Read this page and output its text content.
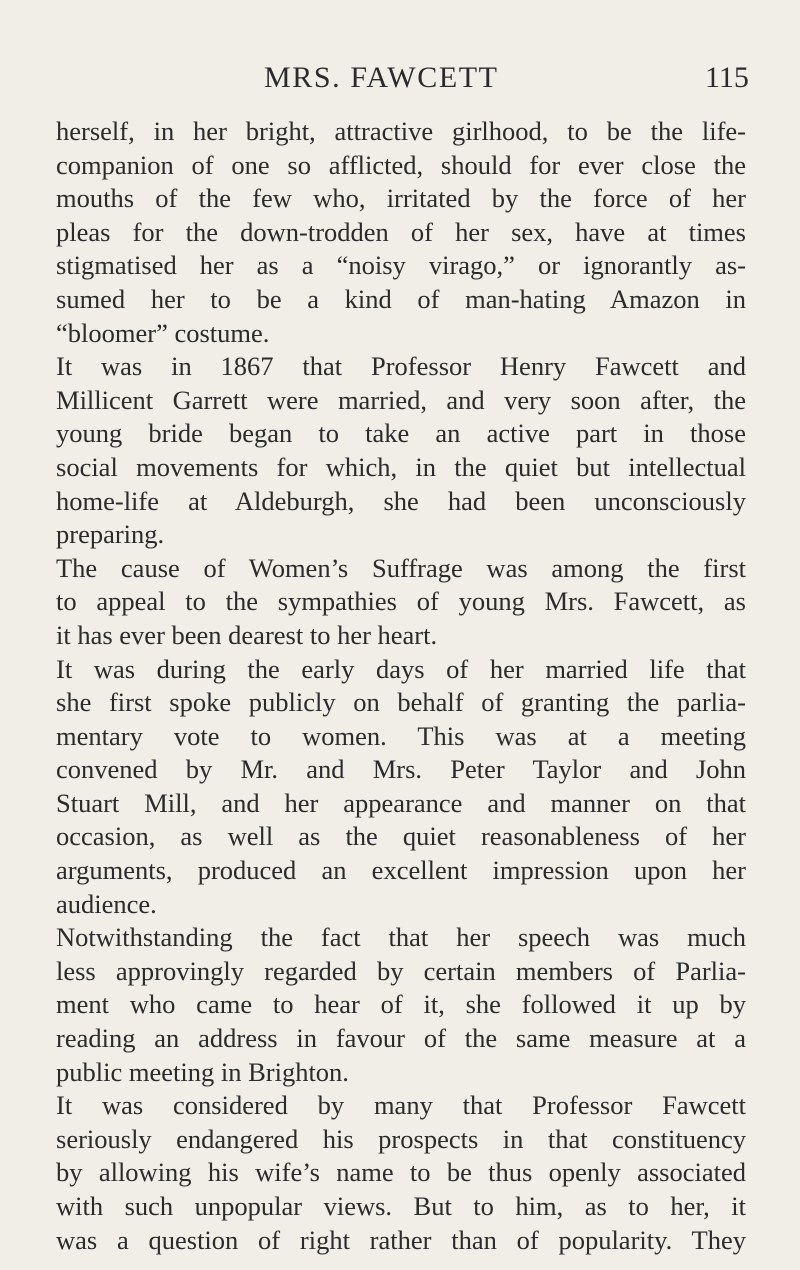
MRS. FAWCETT	115
herself, in her bright, attractive girlhood, to be the life-
companion of one so afflicted, should for ever close the
mouths of the few who, irritated by the force of her
pleas for the down-trodden of her sex, have at times
stigmatised her as a “noisy virago,” or ignorantly as-
sumed her to be a kind of man-hating Amazon in
“bloomer” costume.
It was in 1867 that Professor Henry Fawcett and
Millicent Garrett were married, and very soon after, the
young bride began to take an active part in those
social movements for which, in the quiet but intellectual
home-life at Aldeburgh, she had been unconsciously
preparing.
The cause of Women’s Suffrage was among the first
to appeal to the sympathies of young Mrs. Fawcett, as
it has ever been dearest to her heart.
It was during the early days of her married life that
she first spoke publicly on behalf of granting the parlia-
mentary vote to women. This was at a meeting
convened by Mr. and Mrs. Peter Taylor and John
Stuart Mill, and her appearance and manner on that
occasion, as well as the quiet reasonableness of her
arguments, produced an excellent impression upon her
audience.
Notwithstanding the fact that her speech was much
less approvingly regarded by certain members of Parlia-
ment who came to hear of it, she followed it up by
reading an address in favour of the same measure at a
public meeting in Brighton.
It was considered by many that Professor Fawcett
seriously endangered his prospects in that constituency
by allowing his wife’s name to be thus openly associated
with such unpopular views. But to him, as to her, it
was a question of right rather than of popularity. They
